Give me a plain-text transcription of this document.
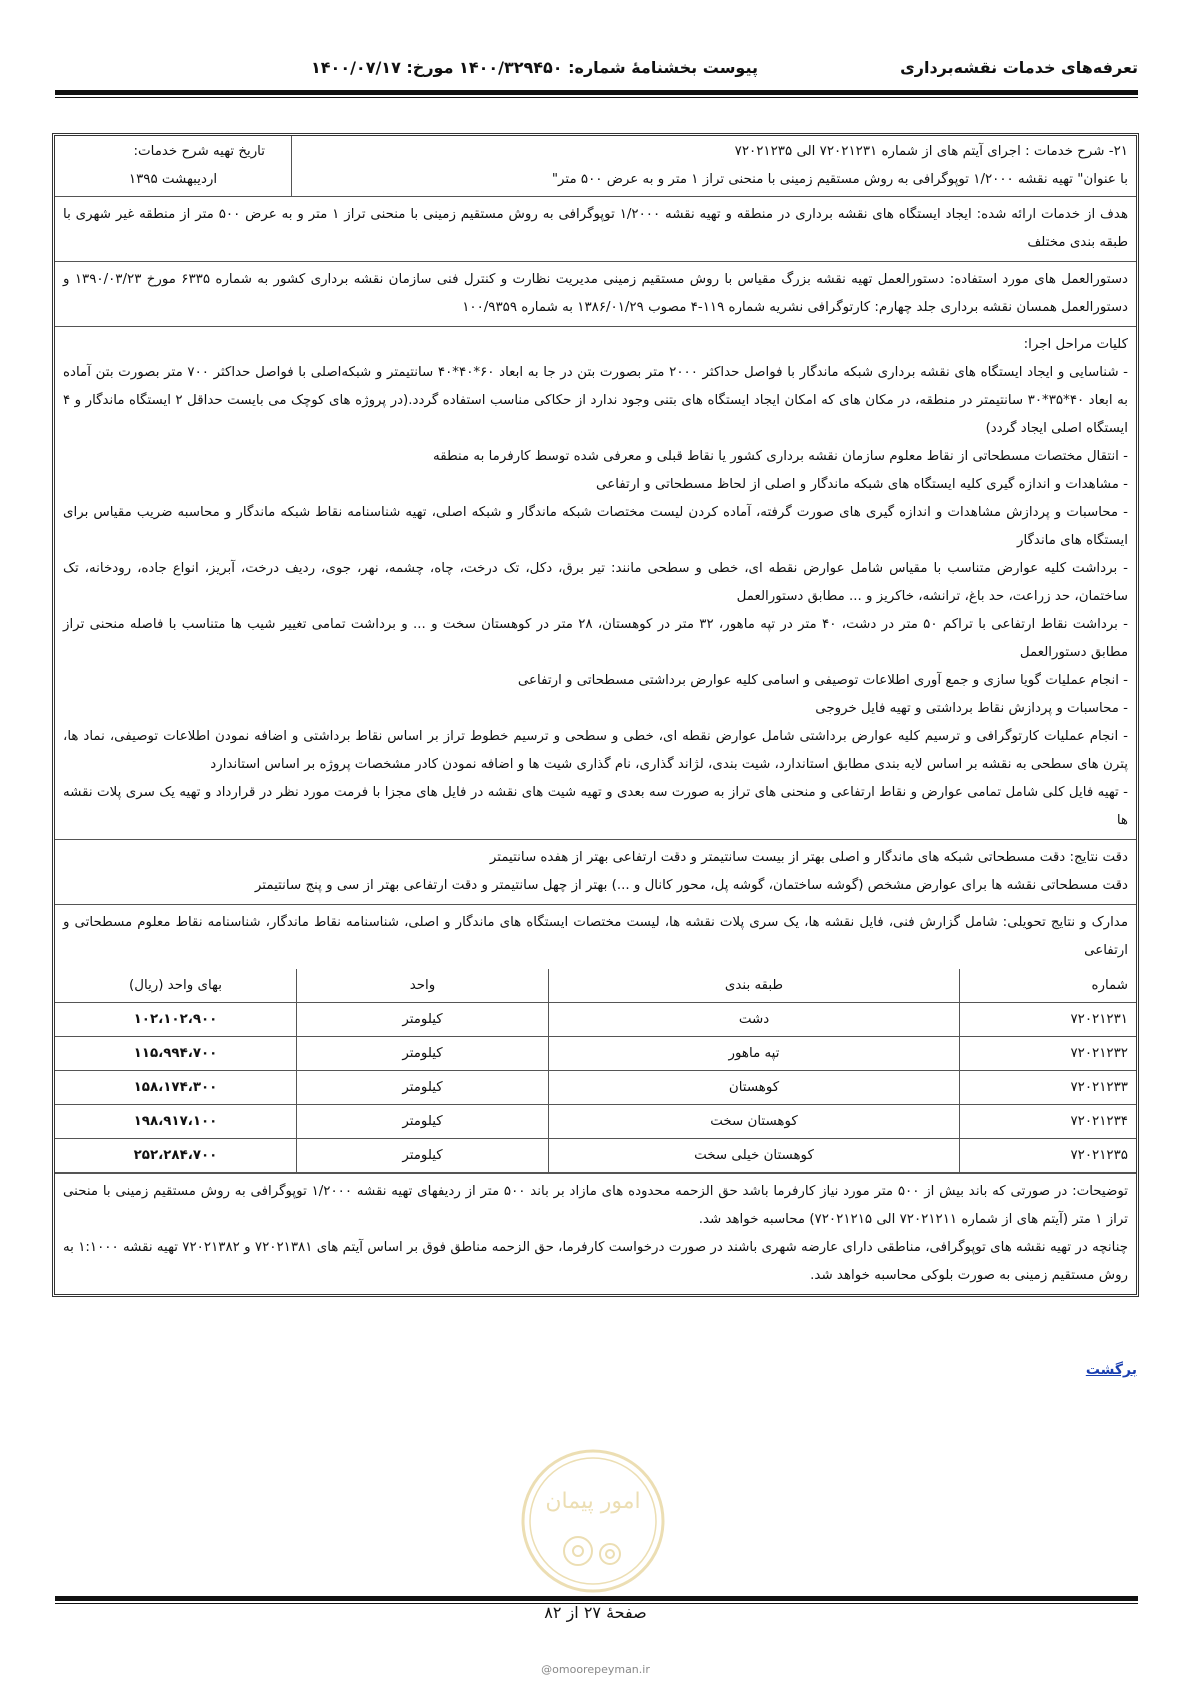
تعرفه‌های خدمات نقشه‌برداری
پیوست بخشنامۀ شماره: ۱۴۰۰/۳۲۹۴۵۰ مورخ: ۱۴۰۰/۰۷/۱۷

۲۱- شرح خدمات : اجرای آیتم های از شماره ۷۲۰۲۱۲۳۱ الی ۷۲۰۲۱۲۳۵

با عنوان" تهیه نقشه ۱/۲۰۰۰ توپوگرافی به روش مستقیم زمینی با منحنی تراز ۱ متر و به عرض ۵۰۰ متر"

تاریخ تهیه شرح خدمات:
اردیبهشت ۱۳۹۵

هدف از خدمات ارائه شده: ایجاد ایستگاه های نقشه برداری در منطقه و تهیه نقشه ۱/۲۰۰۰ توپوگرافی به روش مستقیم زمینی با منحنی تراز ۱ متر و به عرض ۵۰۰ متر از منطقه غیر شهری با طبقه بندی مختلف

دستورالعمل های مورد استفاده: دستورالعمل تهیه نقشه بزرگ مقیاس با روش مستقیم زمینی مدیریت نظارت و کنترل فنی سازمان نقشه برداری کشور به شماره ۶۳۳۵ مورخ ۱۳۹۰/۰۳/۲۳ و دستورالعمل همسان نقشه برداری جلد چهارم: کارتوگرافی نشریه شماره ۱۱۹-۴ مصوب ۱۳۸۶/۰۱/۲۹ به شماره ۱۰۰/۹۳۵۹

کلیات مراحل اجرا:

- شناسایی و ایجاد ایستگاه های نقشه برداری شبکه ماندگار با فواصل حداکثر ۲۰۰۰ متر بصورت بتن در جا به ابعاد ۶۰*۴۰*۴۰ سانتیمتر و شبکه‌اصلی با فواصل حداکثر ۷۰۰ متر بصورت بتن آماده به ابعاد ۴۰*۳۵*۳۰ سانتیمتر در منطقه، در مکان های که امکان ایجاد ایستگاه های بتنی وجود ندارد از حکاکی مناسب استفاده گردد.(در پروژه های کوچک می بایست حداقل ۲ ایستگاه ماندگار و ۴ ایستگاه اصلی ایجاد گردد)

- انتقال مختصات مسطحاتی از نقاط معلوم سازمان نقشه برداری کشور یا نقاط قبلی و معرفی شده توسط کارفرما به منطقه

- مشاهدات و اندازه گیری کلیه ایستگاه های شبکه ماندگار و اصلی از لحاظ مسطحاتی و ارتفاعی

- محاسبات و پردازش مشاهدات و اندازه گیری های صورت گرفته، آماده کردن لیست مختصات شبکه ماندگار و شبکه اصلی، تهیه شناسنامه نقاط شبکه ماندگار و محاسبه ضریب مقیاس برای ایستگاه های ماندگار

- برداشت کلیه عوارض متناسب با مقیاس شامل عوارض نقطه ای، خطی و سطحی مانند: تیر برق، دکل، تک درخت، چاه، چشمه، نهر، جوی، ردیف درخت، آبریز، انواع جاده، رودخانه، تک ساختمان، حد زراعت، حد باغ، ترانشه، خاکریز و ... مطابق دستورالعمل

- برداشت نقاط ارتفاعی با تراکم ۵۰ متر در دشت، ۴۰ متر در تپه ماهور، ۳۲ متر در کوهستان، ۲۸ متر در کوهستان سخت و ... و برداشت تمامی تغییر شیب ها متناسب با فاصله منحنی تراز مطابق دستورالعمل

- انجام عملیات گویا سازی و جمع آوری اطلاعات توصیفی و اسامی کلیه عوارض برداشتی مسطحاتی و ارتفاعی

- محاسبات و پردازش نقاط برداشتی و تهیه فایل خروجی

- انجام عملیات کارتوگرافی و ترسیم کلیه عوارض برداشتی شامل عوارض نقطه ای، خطی و سطحی و ترسیم خطوط تراز بر اساس نقاط برداشتی و اضافه نمودن اطلاعات توصیفی، نماد ها، پترن های سطحی به نقشه بر اساس لایه بندی مطابق استاندارد، شیت بندی، لژاند گذاری، نام گذاری شیت ها و اضافه نمودن کادر مشخصات پروژه بر اساس استاندارد

- تهیه فایل کلی شامل تمامی عوارض و نقاط ارتفاعی و منحنی های تراز به صورت سه بعدی و تهیه شیت های نقشه در فایل های مجزا با فرمت مورد نظر در قرارداد و تهیه یک سری پلات نقشه ها

دقت نتایج: دقت مسطحاتی شبکه های ماندگار و اصلی بهتر از بیست سانتیمتر و دقت ارتفاعی بهتر از هفده سانتیمتر

دقت مسطحاتی نقشه ها برای عوارض مشخص (گوشه ساختمان، گوشه پل، محور کانال و ...) بهتر از چهل سانتیمتر و دقت ارتفاعی بهتر از سی و پنج سانتیمتر

مدارک و نتایج تحویلی: شامل گزارش فنی، فایل نقشه ها، یک سری پلات نقشه ها، لیست مختصات ایستگاه های ماندگار و اصلی، شناسنامه نقاط ماندگار، شناسنامه نقاط معلوم مسطحاتی و ارتفاعی

شماره	طبقه بندی	واحد	بهای واحد (ریال)
۷۲۰۲۱۲۳۱	دشت	کیلومتر	۱۰۲،۱۰۲،۹۰۰
۷۲۰۲۱۲۳۲	تپه ماهور	کیلومتر	۱۱۵،۹۹۴،۷۰۰
۷۲۰۲۱۲۳۳	کوهستان	کیلومتر	۱۵۸،۱۷۴،۳۰۰
۷۲۰۲۱۲۳۴	کوهستان سخت	کیلومتر	۱۹۸،۹۱۷،۱۰۰
۷۲۰۲۱۲۳۵	کوهستان خیلی سخت	کیلومتر	۲۵۲،۲۸۴،۷۰۰

توضیحات: در صورتی که باند بیش از ۵۰۰ متر مورد نیاز کارفرما باشد حق الزحمه محدوده های مازاد بر باند ۵۰۰ متر از ردیفهای تهیه نقشه ۱/۲۰۰۰ توپوگرافی به روش مستقیم زمینی با منحنی تراز ۱ متر (آیتم های از شماره ۷۲۰۲۱۲۱۱ الی ۷۲۰۲۱۲۱۵) محاسبه خواهد شد.

چنانچه در تهیه نقشه های توپوگرافی، مناطقی دارای عارضه شهری باشند در صورت درخواست کارفرما، حق الزحمه مناطق فوق بر اساس آیتم های ۷۲۰۲۱۳۸۱ و ۷۲۰۲۱۳۸۲ تهیه نقشه ۱:۱۰۰۰ به روش مستقیم زمینی به صورت بلوکی محاسبه خواهد شد.

برگشت
امور پیمان
صفحۀ ۲۷ از ۸۲
@omoorepeyman.ir
